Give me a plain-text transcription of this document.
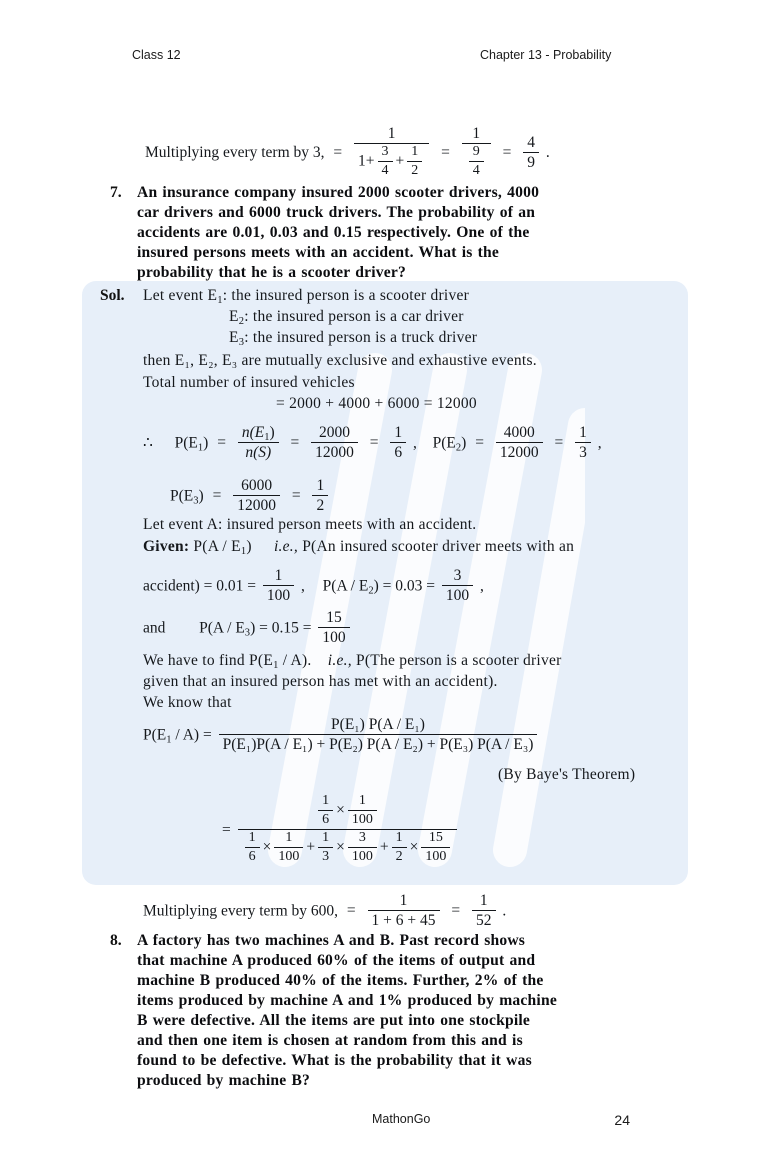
Class 12	Chapter 13 - Probability
Multiplying every term by 3, =
1
$1+ \frac{3}{4} + \frac{1}{2} = \frac{1}{\frac{9}{4}} = \frac{4}{9}$ .
7. An insurance company insured 2000 scooter drivers, 4000
car drivers and 6000 truck drivers. The probability of an
accidents are 0.01, 0.03 and 0.15 respectively. One of the
insured persons meets with an accident. What is the
probability that he is a scooter driver?
Sol. Let event $E_1$: the insured person is a scooter driver
$E_2$: the insured person is a car driver
$E_3$: the insured person is a truck driver
then E₁, E₂, E₃ are mutually exclusive and exhaustive events.
Total number of insured vehicles
= 2000 + 4000 + 6000 = 12000
∴ $P(E_1) = \frac{n(E_1)}{n(S)} = \frac{2000}{12000} = \frac{1}{6}$ , $P(E_2) = \frac{4000}{12000} = \frac{1}{3}$ ,
$P(E_3) = \frac{6000}{12000} = \frac{1}{2}$
Let event A: insured person meets with an accident.
Given: $P(A / E_1)$ i.e., P(An insured scooter driver meets with an
accident) = $0.01 = \frac{1}{100}$ , $P(A / E_2) = 0.03 = \frac{3}{100}$ ,
and $P(A / E_3) = 0.15 = \frac{15}{100}$
We have to find $P(E_1 / A)$. i.e., P(The person is a scooter driver
given that an insured person has met with an accident).
We know that
$P(E_1 / A) = \frac{\text{P(E₁) P(A / E₁)}}{\text{P(E₁)P(A / E₁) + P(E₂) P(A / E₂) + P(E₃) P(A / E₃)}}$
(By Baye's Theorem)
=
$\frac{1}{6} \times \frac{1}{100}$
$\frac{1}{6} \times \frac{1}{100} + \frac{1}{3} \times \frac{3}{100} + \frac{1}{2} \times \frac{15}{100}$
Multiplying every term by 600, = $\frac{1}{1 + 6 + 45} = \frac{1}{52}$ .
8. A factory has two machines A and B. Past record shows
that machine A produced 60% of the items of output and
machine B produced 40% of the items. Further, 2% of the
items produced by machine A and 1% produced by machine
B were defective. All the items are put into one stockpile
and then one item is chosen at random from this and is
found to be defective. What is the probability that it was
produced by machine B?
MathonGo	24
